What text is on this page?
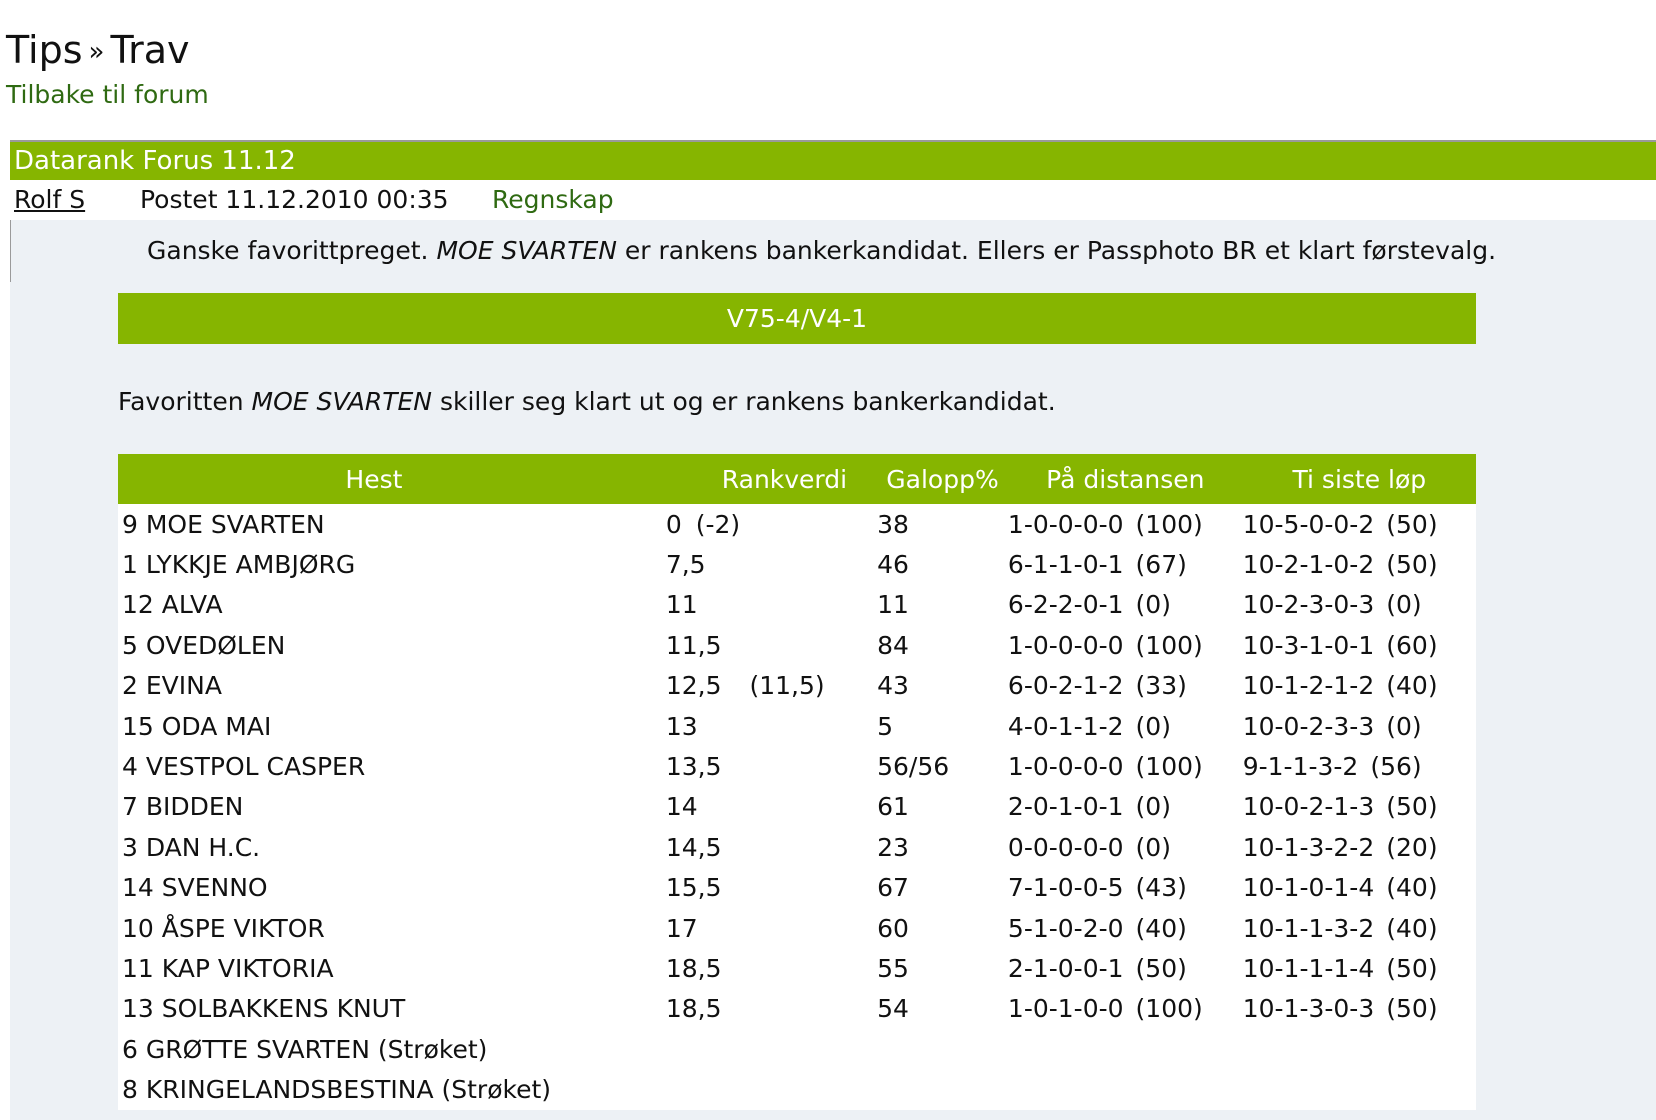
Tips » Trav
Tilbake til forum
Datarank Forus 11.12
Rolf S Postet 11.12.2010 00:35 Regnskap
Ganske favorittpreget. MOE SVARTEN er rankens bankerkandidat. Ellers er Passphoto BR et klart førstevalg.
V75-4/V4-1
Favoritten MOE SVARTEN skiller seg klart ut og er rankens bankerkandidat.
Hest	Rankverdi	Galopp%	På distansen	Ti siste løp
9 MOE SVARTEN	0 (-2)	38	1-0-0-0-0 (100)	10-5-0-0-2 (50)
1 LYKKJE AMBJØRG	7,5	46	6-1-1-0-1 (67)	10-2-1-0-2 (50)
12 ALVA	11	11	6-2-2-0-1 (0)	10-2-3-0-3 (0)
5 OVEDØLEN	11,5	84	1-0-0-0-0 (100)	10-3-1-0-1 (60)
2 EVINA	12,5 (11,5)	43	6-0-2-1-2 (33)	10-1-2-1-2 (40)
15 ODA MAI	13	5	4-0-1-1-2 (0)	10-0-2-3-3 (0)
4 VESTPOL CASPER	13,5	56/56	1-0-0-0-0 (100)	9-1-1-3-2 (56)
7 BIDDEN	14	61	2-0-1-0-1 (0)	10-0-2-1-3 (50)
3 DAN H.C.	14,5	23	0-0-0-0-0 (0)	10-1-3-2-2 (20)
14 SVENNO	15,5	67	7-1-0-0-5 (43)	10-1-0-1-4 (40)
10 ÅSPE VIKTOR	17	60	5-1-0-2-0 (40)	10-1-1-3-2 (40)
11 KAP VIKTORIA	18,5	55	2-1-0-0-1 (50)	10-1-1-1-4 (50)
13 SOLBAKKENS KNUT	18,5	54	1-0-1-0-0 (100)	10-1-3-0-3 (50)
6 GRØTTE SVARTEN (Strøket)				
8 KRINGELANDSBESTINA (Strøket)				
